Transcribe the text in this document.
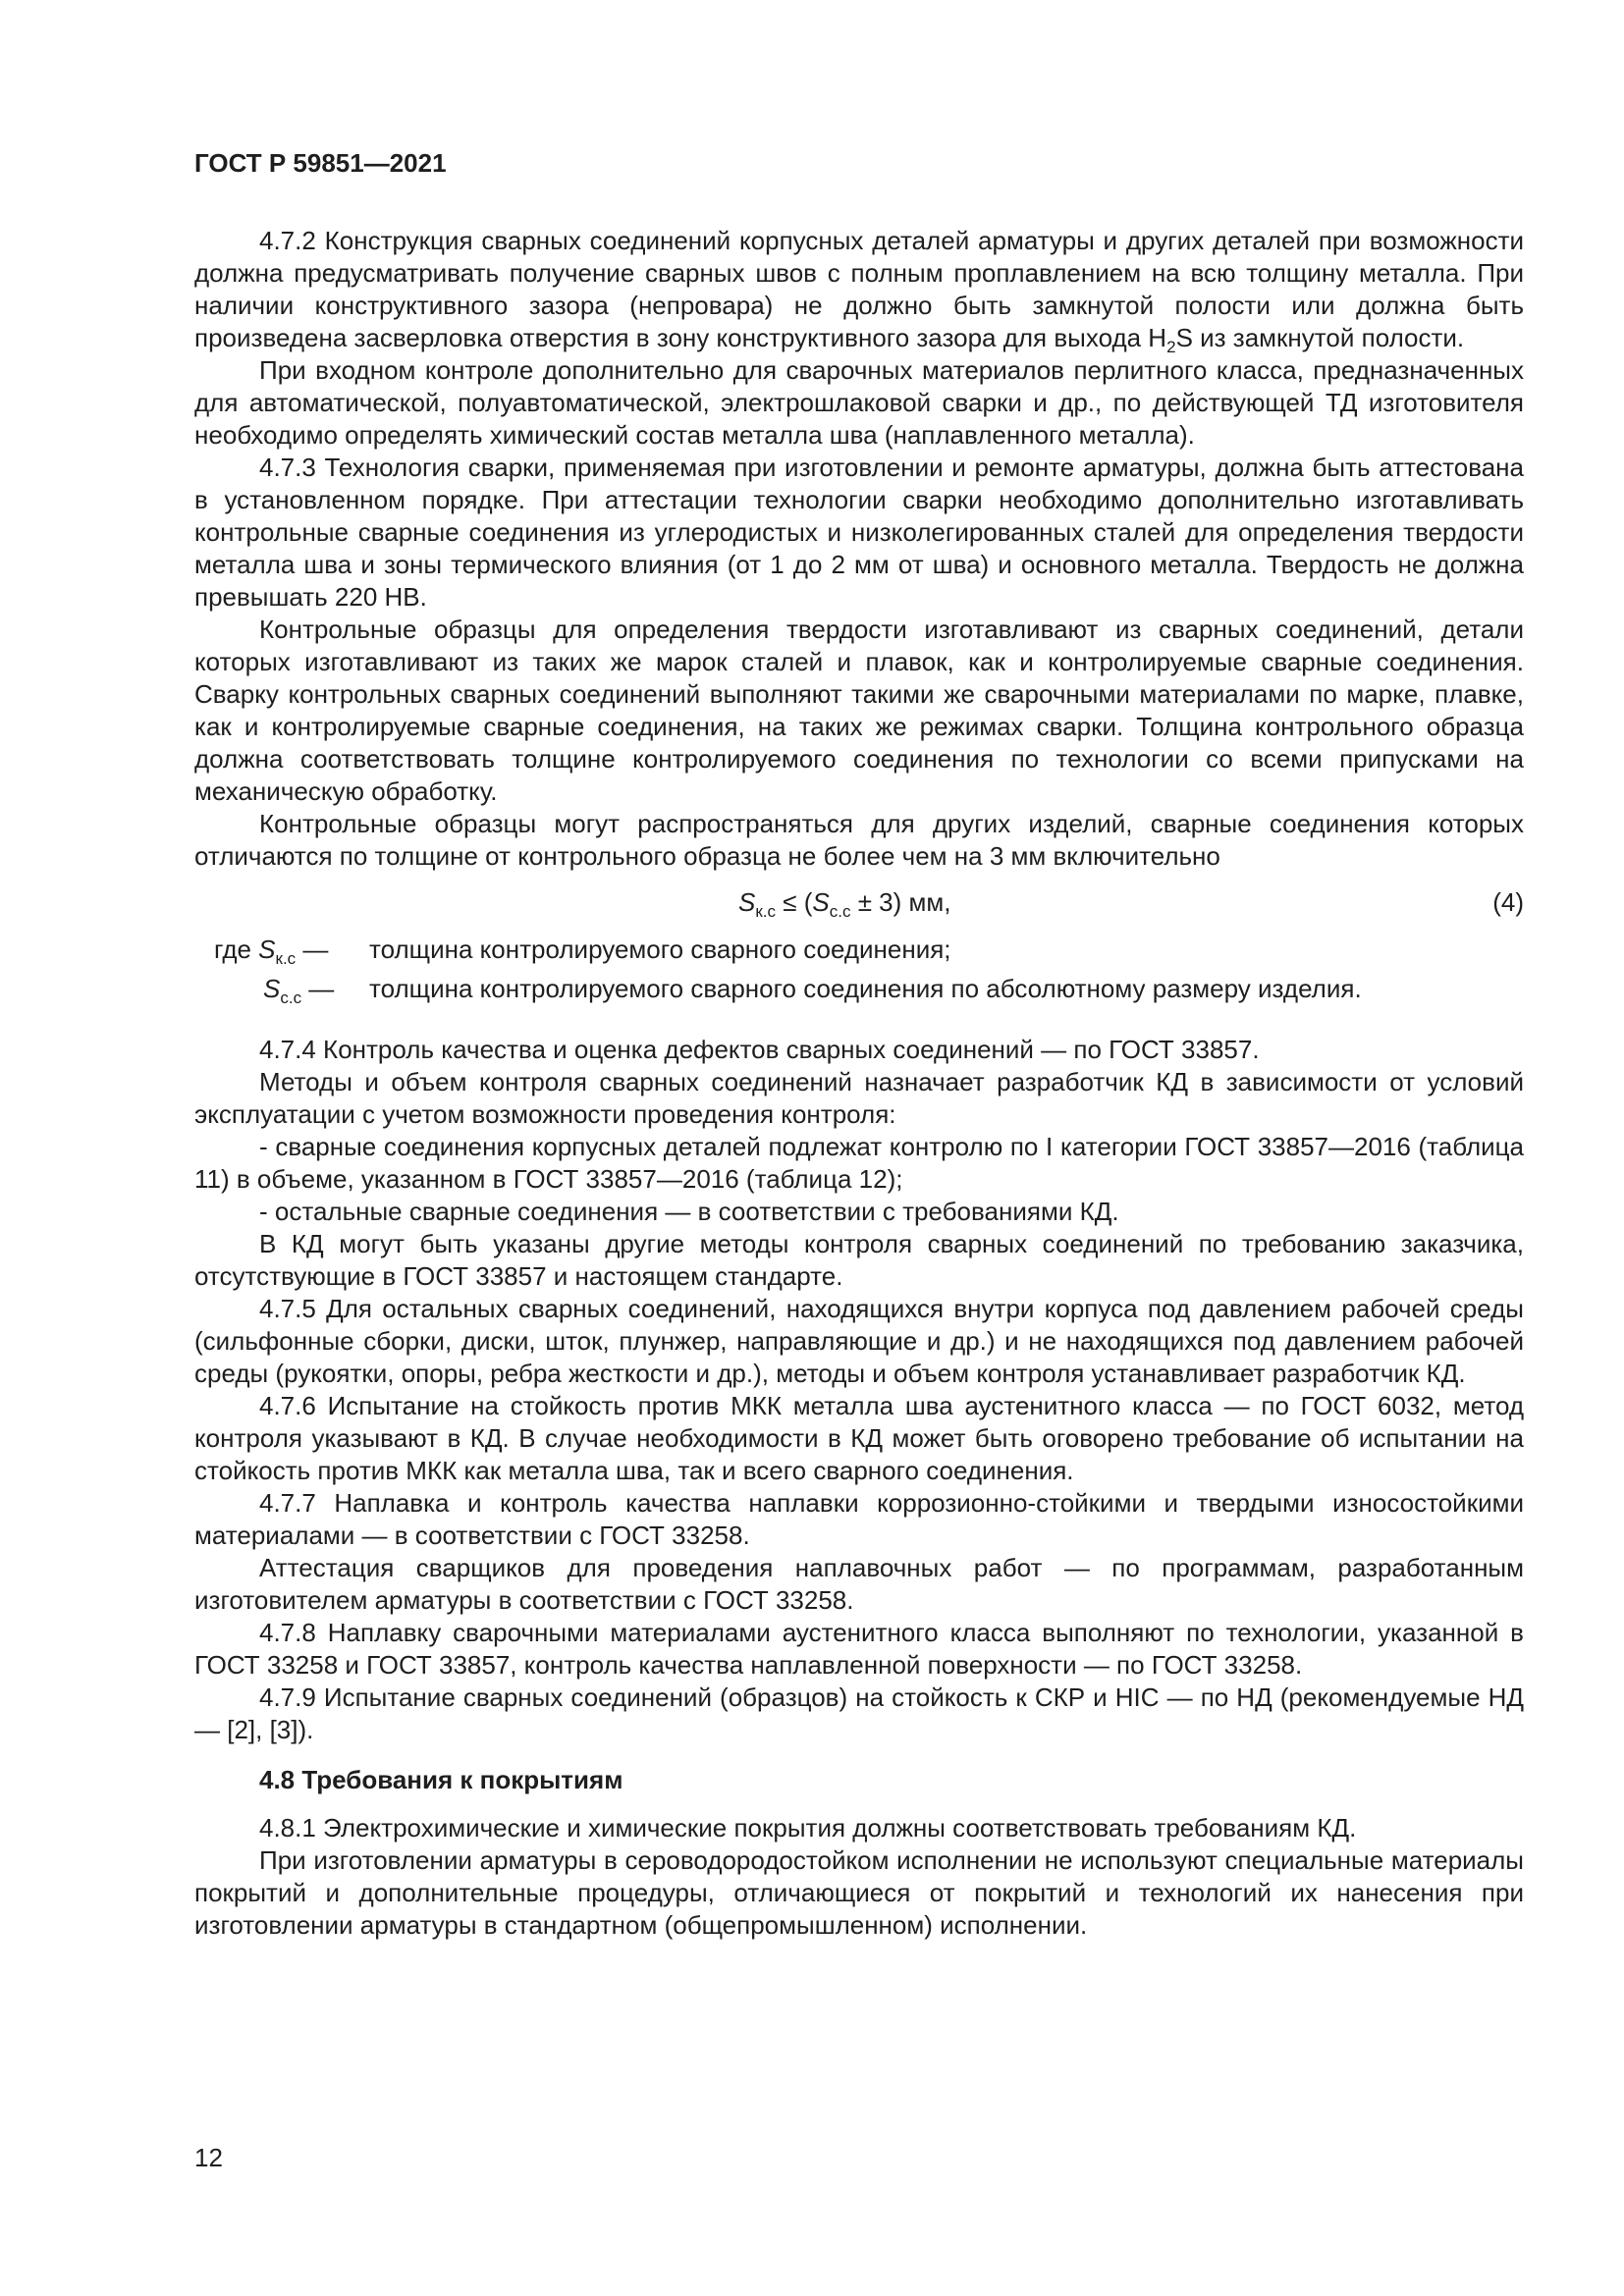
ГОСТ Р 59851—2021

4.7.2 Конструкция сварных соединений корпусных деталей арматуры и других деталей при возможности должна предусматривать получение сварных швов с полным проплавлением на всю толщину металла. При наличии конструктивного зазора (непровара) не должно быть замкнутой полости или должна быть произведена засверловка отверстия в зону конструктивного зазора для выхода $H_2S$ из замкнутой полости.

При входном контроле дополнительно для сварочных материалов перлитного класса, предназначенных для автоматической, полуавтоматической, электрошлаковой сварки и др., по действующей ТД изготовителя необходимо определять химический состав металла шва (наплавленного металла).

4.7.3 Технология сварки, применяемая при изготовлении и ремонте арматуры, должна быть аттестована в установленном порядке. При аттестации технологии сварки необходимо дополнительно изготавливать контрольные сварные соединения из углеродистых и низколегированных сталей для определения твердости металла шва и зоны термического влияния (от 1 до 2 мм от шва) и основного металла. Твердость не должна превышать 220 НВ.

Контрольные образцы для определения твердости изготавливают из сварных соединений, детали которых изготавливают из таких же марок сталей и плавок, как и контролируемые сварные соединения. Сварку контрольных сварных соединений выполняют такими же сварочными материалами по марке, плавке, как и контролируемые сварные соединения, на таких же режимах сварки. Толщина контрольного образца должна соответствовать толщине контролируемого соединения по технологии со всеми припусками на механическую обработку.

Контрольные образцы могут распространяться для других изделий, сварные соединения которых отличаются по толщине от контрольного образца не более чем на 3 мм включительно

$S_{к.с} \le (S_{с.с} \pm 3)$ мм,	(4)
где $S_{к.с}$ — толщина контролируемого сварного соединения;
$S_{с.с}$ — толщина контролируемого сварного соединения по абсолютному размеру изделия.

4.7.4 Контроль качества и оценка дефектов сварных соединений — по ГОСТ 33857.

Методы и объем контроля сварных соединений назначает разработчик КД в зависимости от условий эксплуатации с учетом возможности проведения контроля:

- сварные соединения корпусных деталей подлежат контролю по I категории ГОСТ 33857—2016 (таблица 11) в объеме, указанном в ГОСТ 33857—2016 (таблица 12);

- остальные сварные соединения — в соответствии с требованиями КД.

В КД могут быть указаны другие методы контроля сварных соединений по требованию заказчика, отсутствующие в ГОСТ 33857 и настоящем стандарте.

4.7.5 Для остальных сварных соединений, находящихся внутри корпуса под давлением рабочей среды (сильфонные сборки, диски, шток, плунжер, направляющие и др.) и не находящихся под давлением рабочей среды (рукоятки, опоры, ребра жесткости и др.), методы и объем контроля устанавливает разработчик КД.

4.7.6 Испытание на стойкость против МКК металла шва аустенитного класса — по ГОСТ 6032, метод контроля указывают в КД. В случае необходимости в КД может быть оговорено требование об испытании на стойкость против МКК как металла шва, так и всего сварного соединения.

4.7.7 Наплавка и контроль качества наплавки коррозионно-стойкими и твердыми износостойкими материалами — в соответствии с ГОСТ 33258.

Аттестация сварщиков для проведения наплавочных работ — по программам, разработанным изготовителем арматуры в соответствии с ГОСТ 33258.

4.7.8 Наплавку сварочными материалами аустенитного класса выполняют по технологии, указанной в ГОСТ 33258 и ГОСТ 33857, контроль качества наплавленной поверхности — по ГОСТ 33258.

4.7.9 Испытание сварных соединений (образцов) на стойкость к СКР и HIC — по НД (рекомендуемые НД — [2], [3]).

4.8 Требования к покрытиям

4.8.1 Электрохимические и химические покрытия должны соответствовать требованиям КД.

При изготовлении арматуры в сероводородостойком исполнении не используют специальные материалы покрытий и дополнительные процедуры, отличающиеся от покрытий и технологий их нанесения при изготовлении арматуры в стандартном (общепромышленном) исполнении.

12
